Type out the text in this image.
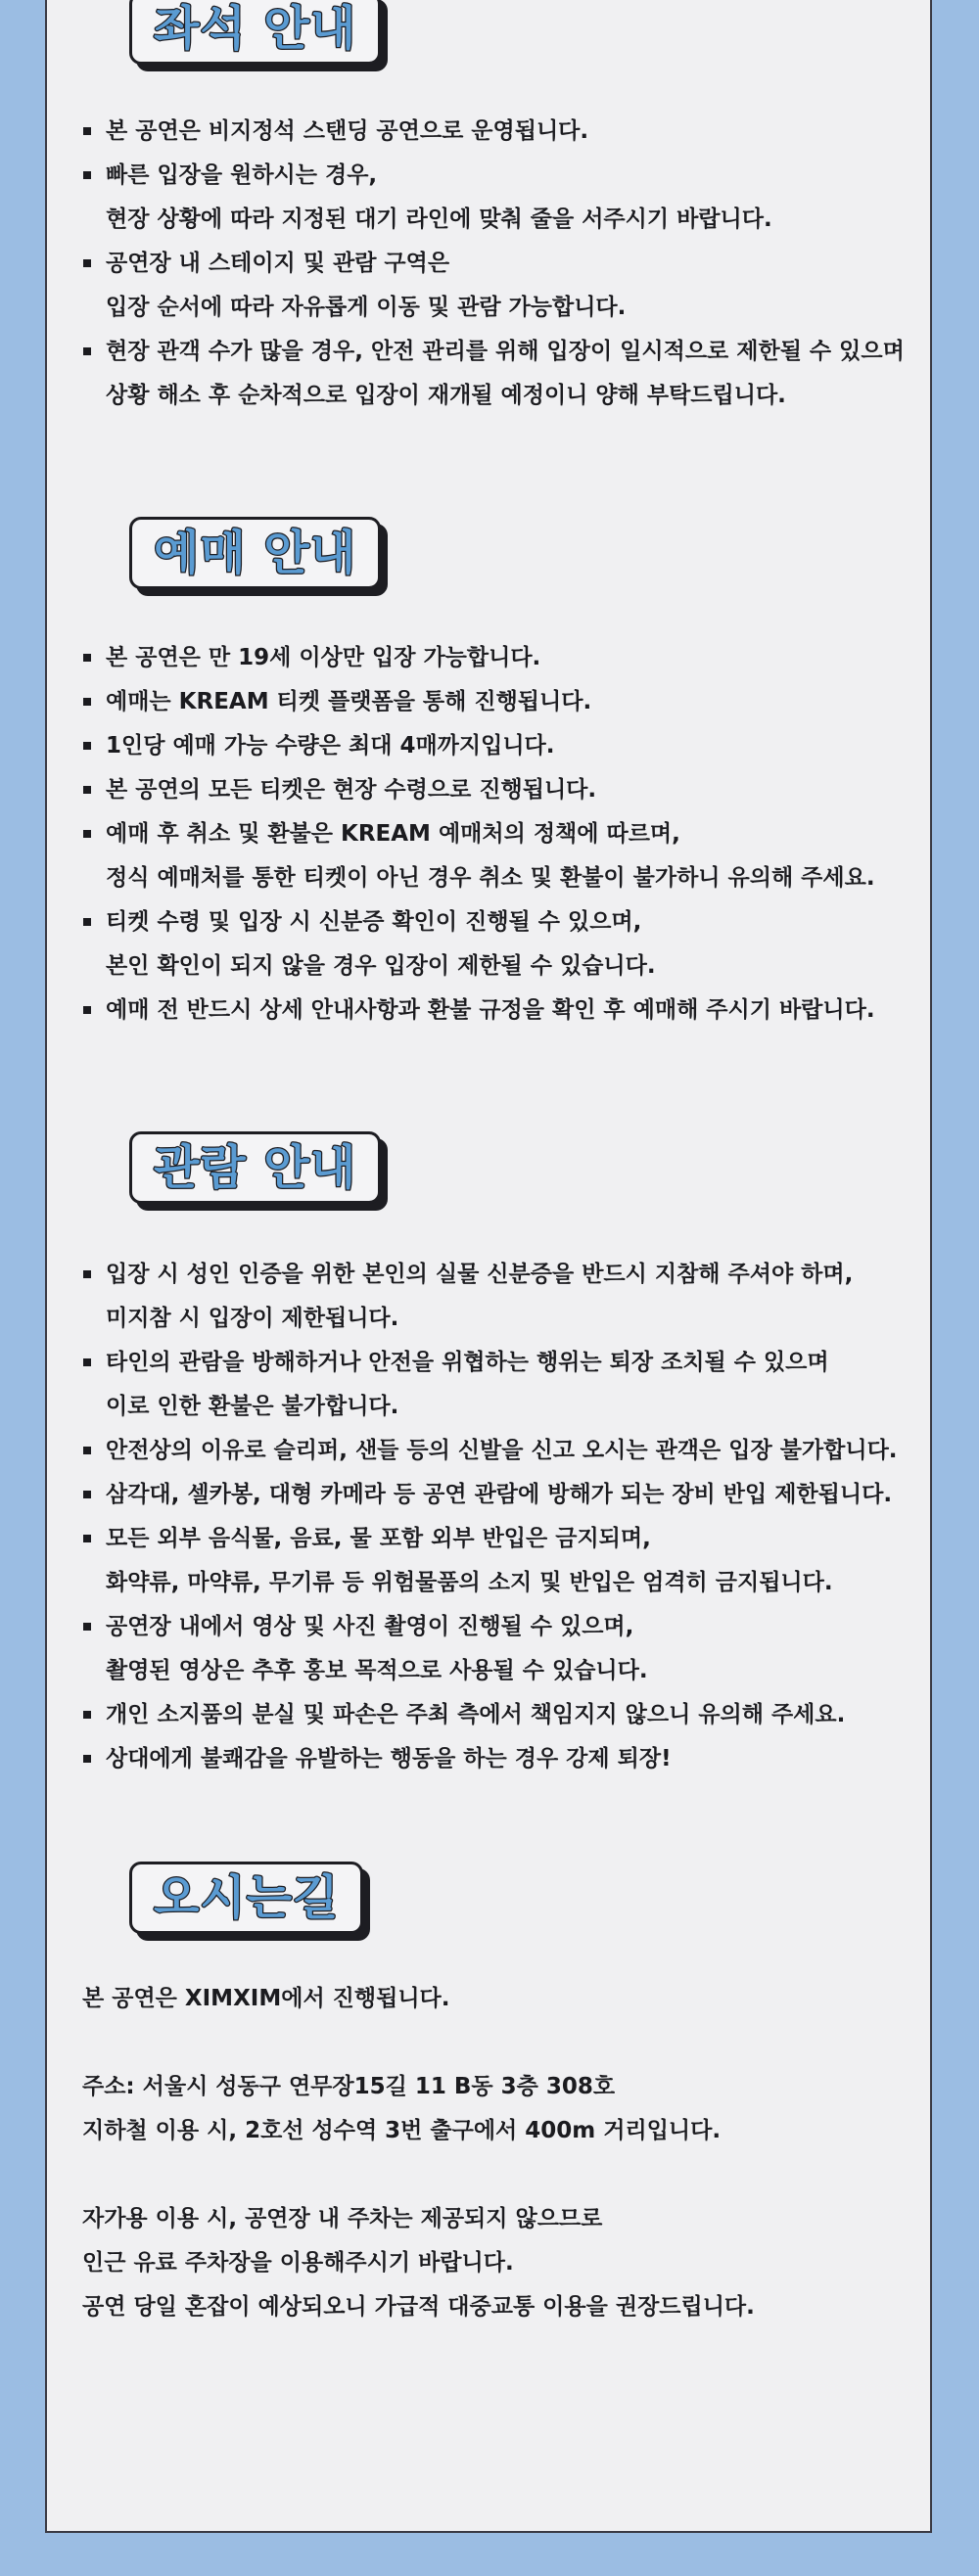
좌석 안내
본 공연은 비지정석 스탠딩 공연으로 운영됩니다.
빠른 입장을 원하시는 경우,
현장 상황에 따라 지정된 대기 라인에 맞춰 줄을 서주시기 바랍니다.
공연장 내 스테이지 및 관람 구역은
입장 순서에 따라 자유롭게 이동 및 관람 가능합니다.
현장 관객 수가 많을 경우, 안전 관리를 위해 입장이 일시적으로 제한될 수 있으며
상황 해소 후 순차적으로 입장이 재개될 예정이니 양해 부탁드립니다.
예매 안내
본 공연은 만 19세 이상만 입장 가능합니다.
예매는 KREAM 티켓 플랫폼을 통해 진행됩니다.
1인당 예매 가능 수량은 최대 4매까지입니다.
본 공연의 모든 티켓은 현장 수령으로 진행됩니다.
예매 후 취소 및 환불은 KREAM 예매처의 정책에 따르며,
정식 예매처를 통한 티켓이 아닌 경우 취소 및 환불이 불가하니 유의해 주세요.
티켓 수령 및 입장 시 신분증 확인이 진행될 수 있으며,
본인 확인이 되지 않을 경우 입장이 제한될 수 있습니다.
예매 전 반드시 상세 안내사항과 환불 규정을 확인 후 예매해 주시기 바랍니다.
관람 안내
입장 시 성인 인증을 위한 본인의 실물 신분증을 반드시 지참해 주셔야 하며,
미지참 시 입장이 제한됩니다.
타인의 관람을 방해하거나 안전을 위협하는 행위는 퇴장 조치될 수 있으며
이로 인한 환불은 불가합니다.
안전상의 이유로 슬리퍼, 샌들 등의 신발을 신고 오시는 관객은 입장 불가합니다.
삼각대, 셀카봉, 대형 카메라 등 공연 관람에 방해가 되는 장비 반입 제한됩니다.
모든 외부 음식물, 음료, 물 포함 외부 반입은 금지되며,
화약류, 마약류, 무기류 등 위험물품의 소지 및 반입은 엄격히 금지됩니다.
공연장 내에서 영상 및 사진 촬영이 진행될 수 있으며,
촬영된 영상은 추후 홍보 목적으로 사용될 수 있습니다.
개인 소지품의 분실 및 파손은 주최 측에서 책임지지 않으니 유의해 주세요.
상대에게 불쾌감을 유발하는 행동을 하는 경우 강제 퇴장!
오시는길
본 공연은 XIMXIM에서 진행됩니다.
주소: 서울시 성동구 연무장15길 11 B동 3층 308호
지하철 이용 시, 2호선 성수역 3번 출구에서 400m 거리입니다.
자가용 이용 시, 공연장 내 주차는 제공되지 않으므로
인근 유료 주차장을 이용해주시기 바랍니다.
공연 당일 혼잡이 예상되오니 가급적 대중교통 이용을 권장드립니다.
